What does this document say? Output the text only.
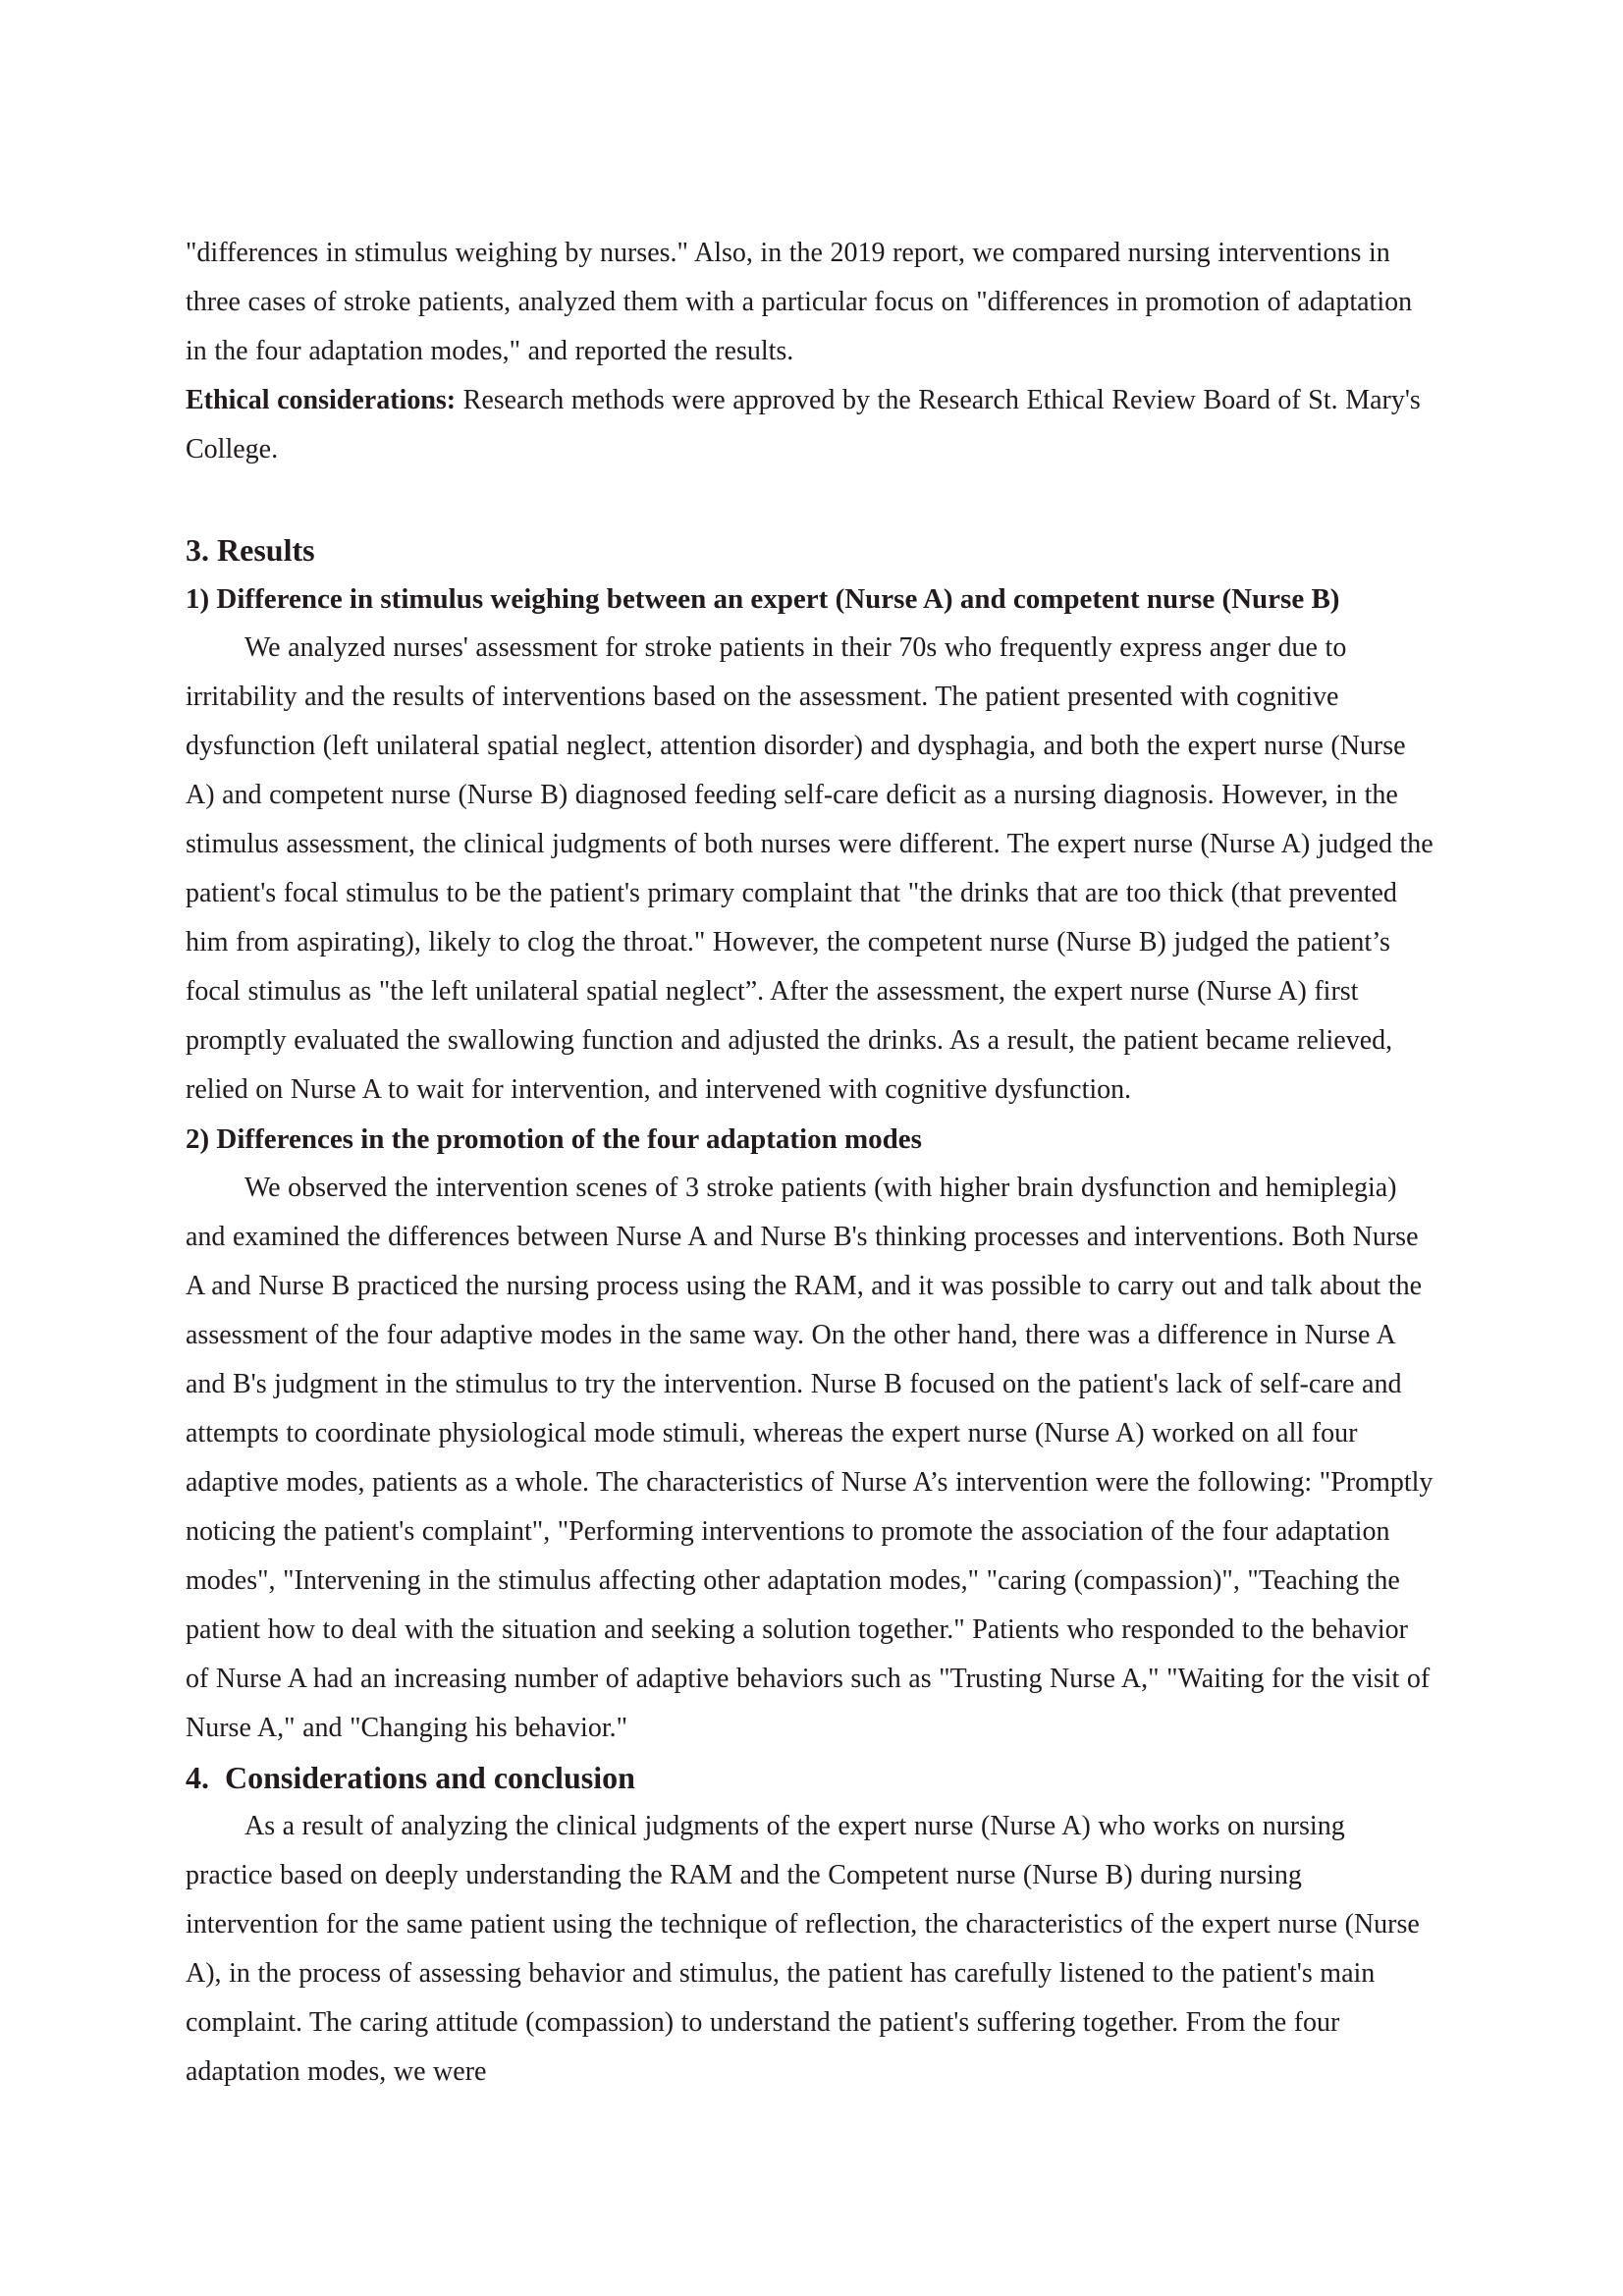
"differences in stimulus weighing by nurses." Also, in the 2019 report, we compared nursing interventions in three cases of stroke patients, analyzed them with a particular focus on "differences in promotion of adaptation in the four adaptation modes," and reported the results.

Ethical considerations: Research methods were approved by the Research Ethical Review Board of St. Mary's College.

3. Results
1) Difference in stimulus weighing between an expert (Nurse A) and competent nurse (Nurse B)

We analyzed nurses' assessment for stroke patients in their 70s who frequently express anger due to irritability and the results of interventions based on the assessment. The patient presented with cognitive dysfunction (left unilateral spatial neglect, attention disorder) and dysphagia, and both the expert nurse (Nurse A) and competent nurse (Nurse B) diagnosed feeding self-care deficit as a nursing diagnosis. However, in the stimulus assessment, the clinical judgments of both nurses were different. The expert nurse (Nurse A) judged the patient's focal stimulus to be the patient's primary complaint that "the drinks that are too thick (that prevented him from aspirating), likely to clog the throat." However, the competent nurse (Nurse B) judged the patient’s focal stimulus as "the left unilateral spatial neglect”. After the assessment, the expert nurse (Nurse A) first promptly evaluated the swallowing function and adjusted the drinks. As a result, the patient became relieved, relied on Nurse A to wait for intervention, and intervened with cognitive dysfunction.

2) Differences in the promotion of the four adaptation modes

We observed the intervention scenes of 3 stroke patients (with higher brain dysfunction and hemiplegia) and examined the differences between Nurse A and Nurse B's thinking processes and interventions. Both Nurse A and Nurse B practiced the nursing process using the RAM, and it was possible to carry out and talk about the assessment of the four adaptive modes in the same way. On the other hand, there was a difference in Nurse A and B's judgment in the stimulus to try the intervention. Nurse B focused on the patient's lack of self-care and attempts to coordinate physiological mode stimuli, whereas the expert nurse (Nurse A) worked on all four adaptive modes, patients as a whole. The characteristics of Nurse A’s intervention were the following: "Promptly noticing the patient's complaint", "Performing interventions to promote the association of the four adaptation modes", "Intervening in the stimulus affecting other adaptation modes," "caring (compassion)", "Teaching the patient how to deal with the situation and seeking a solution together." Patients who responded to the behavior of Nurse A had an increasing number of adaptive behaviors such as "Trusting Nurse A," "Waiting for the visit of Nurse A," and "Changing his behavior."

4.  Considerations and conclusion

As a result of analyzing the clinical judgments of the expert nurse (Nurse A) who works on nursing practice based on deeply understanding the RAM and the Competent nurse (Nurse B) during nursing intervention for the same patient using the technique of reflection, the characteristics of the expert nurse (Nurse A), in the process of assessing behavior and stimulus, the patient has carefully listened to the patient's main complaint. The caring attitude (compassion) to understand the patient's suffering together. From the four adaptation modes, we were
